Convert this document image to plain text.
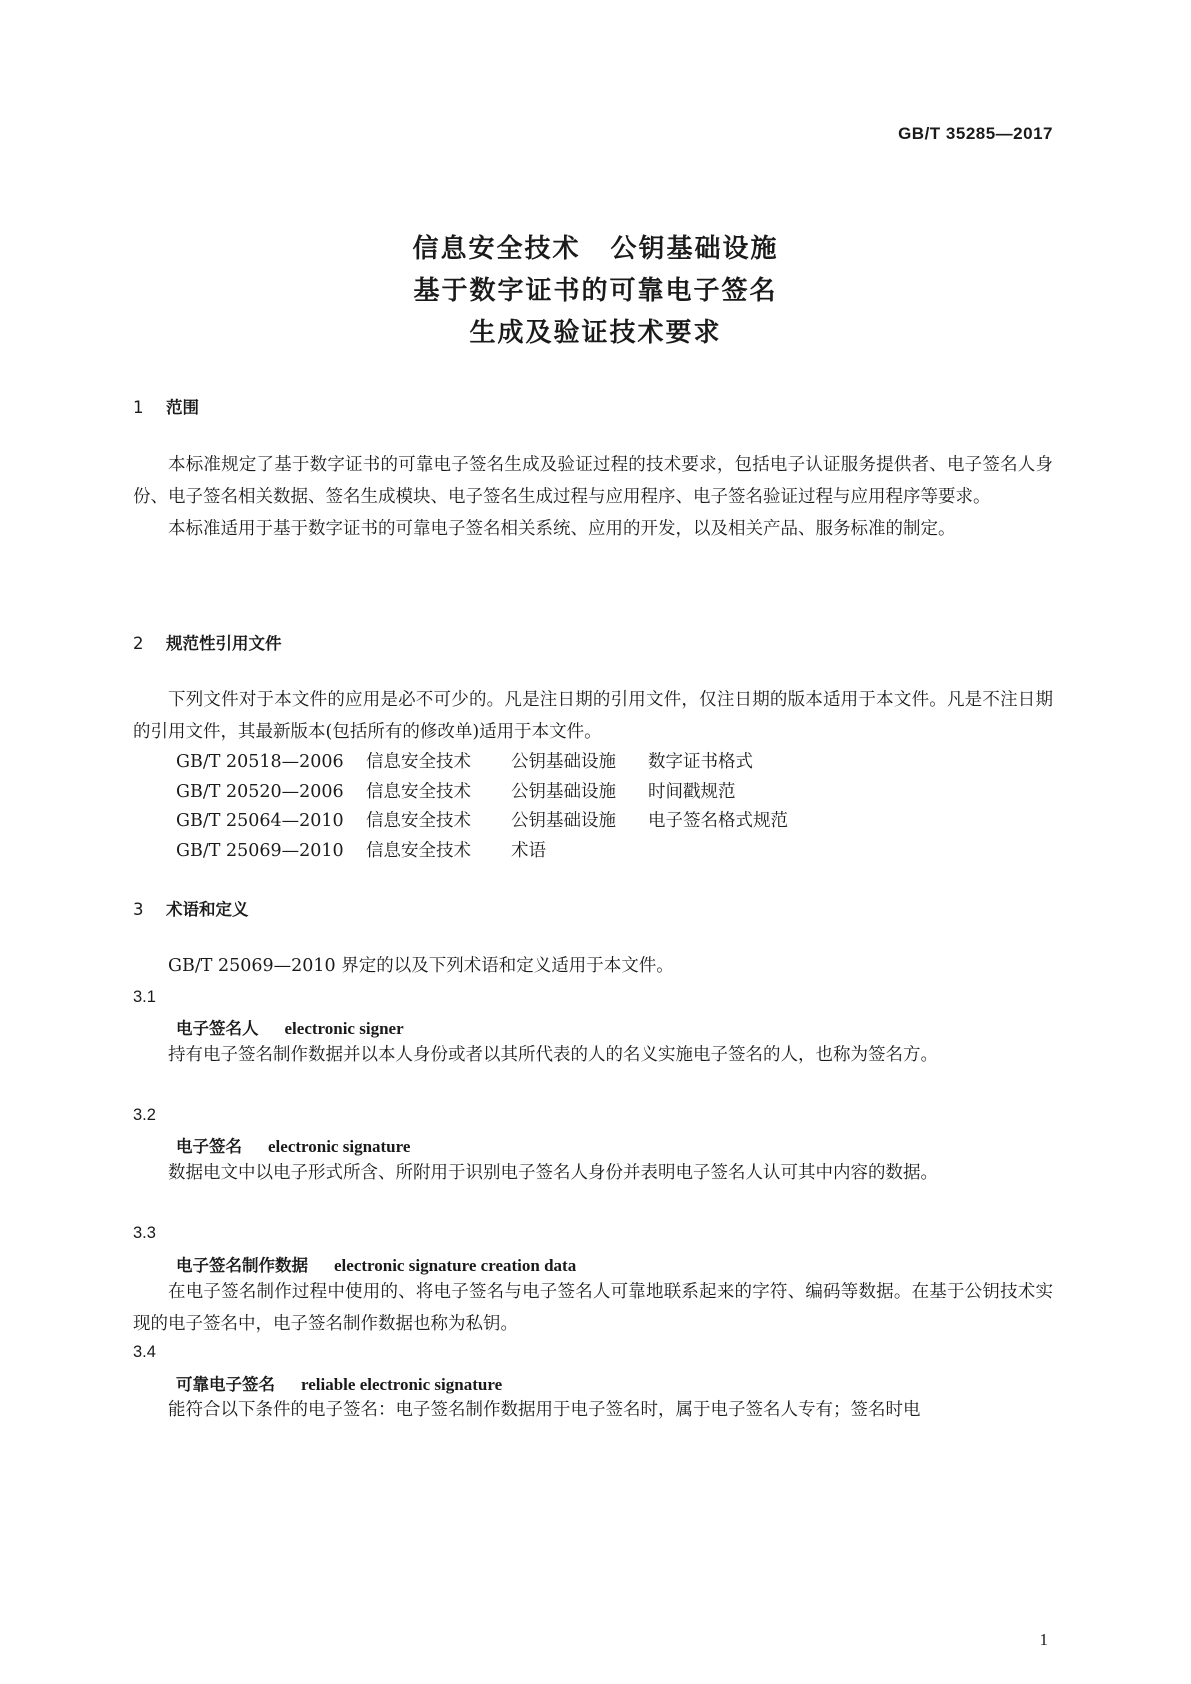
GB/T 35285—2017
信息安全技术 公钥基础设施
基于数字证书的可靠电子签名
生成及验证技术要求
1 范围

本标准规定了基于数字证书的可靠电子签名生成及验证过程的技术要求，包括电子认证服务提供者、电子签名人身份、电子签名相关数据、签名生成模块、电子签名生成过程与应用程序、电子签名验证过程与应用程序等要求。

本标准适用于基于数字证书的可靠电子签名相关系统、应用的开发，以及相关产品、服务标准的制定。

2 规范性引用文件

下列文件对于本文件的应用是必不可少的。凡是注日期的引用文件，仅注日期的版本适用于本文件。凡是不注日期的引用文件，其最新版本(包括所有的修改单)适用于本文件。

GB/T 20518—2006 信息安全技术 公钥基础设施 数字证书格式
GB/T 20520—2006 信息安全技术 公钥基础设施 时间戳规范
GB/T 25064—2010 信息安全技术 公钥基础设施 电子签名格式规范
GB/T 25069—2010 信息安全技术 术语
3 术语和定义

GB/T 25069—2010 界定的以及下列术语和定义适用于本文件。

3.1
电子签名人 electronic signer

持有电子签名制作数据并以本人身份或者以其所代表的人的名义实施电子签名的人，也称为签名方。

3.2
电子签名 electronic signature

数据电文中以电子形式所含、所附用于识别电子签名人身份并表明电子签名人认可其中内容的数据。

3.3
电子签名制作数据 electronic signature creation data

在电子签名制作过程中使用的、将电子签名与电子签名人可靠地联系起来的字符、编码等数据。在基于公钥技术实现的电子签名中，电子签名制作数据也称为私钥。

3.4
可靠电子签名 reliable electronic signature

能符合以下条件的电子签名：电子签名制作数据用于电子签名时，属于电子签名人专有；签名时电

1
